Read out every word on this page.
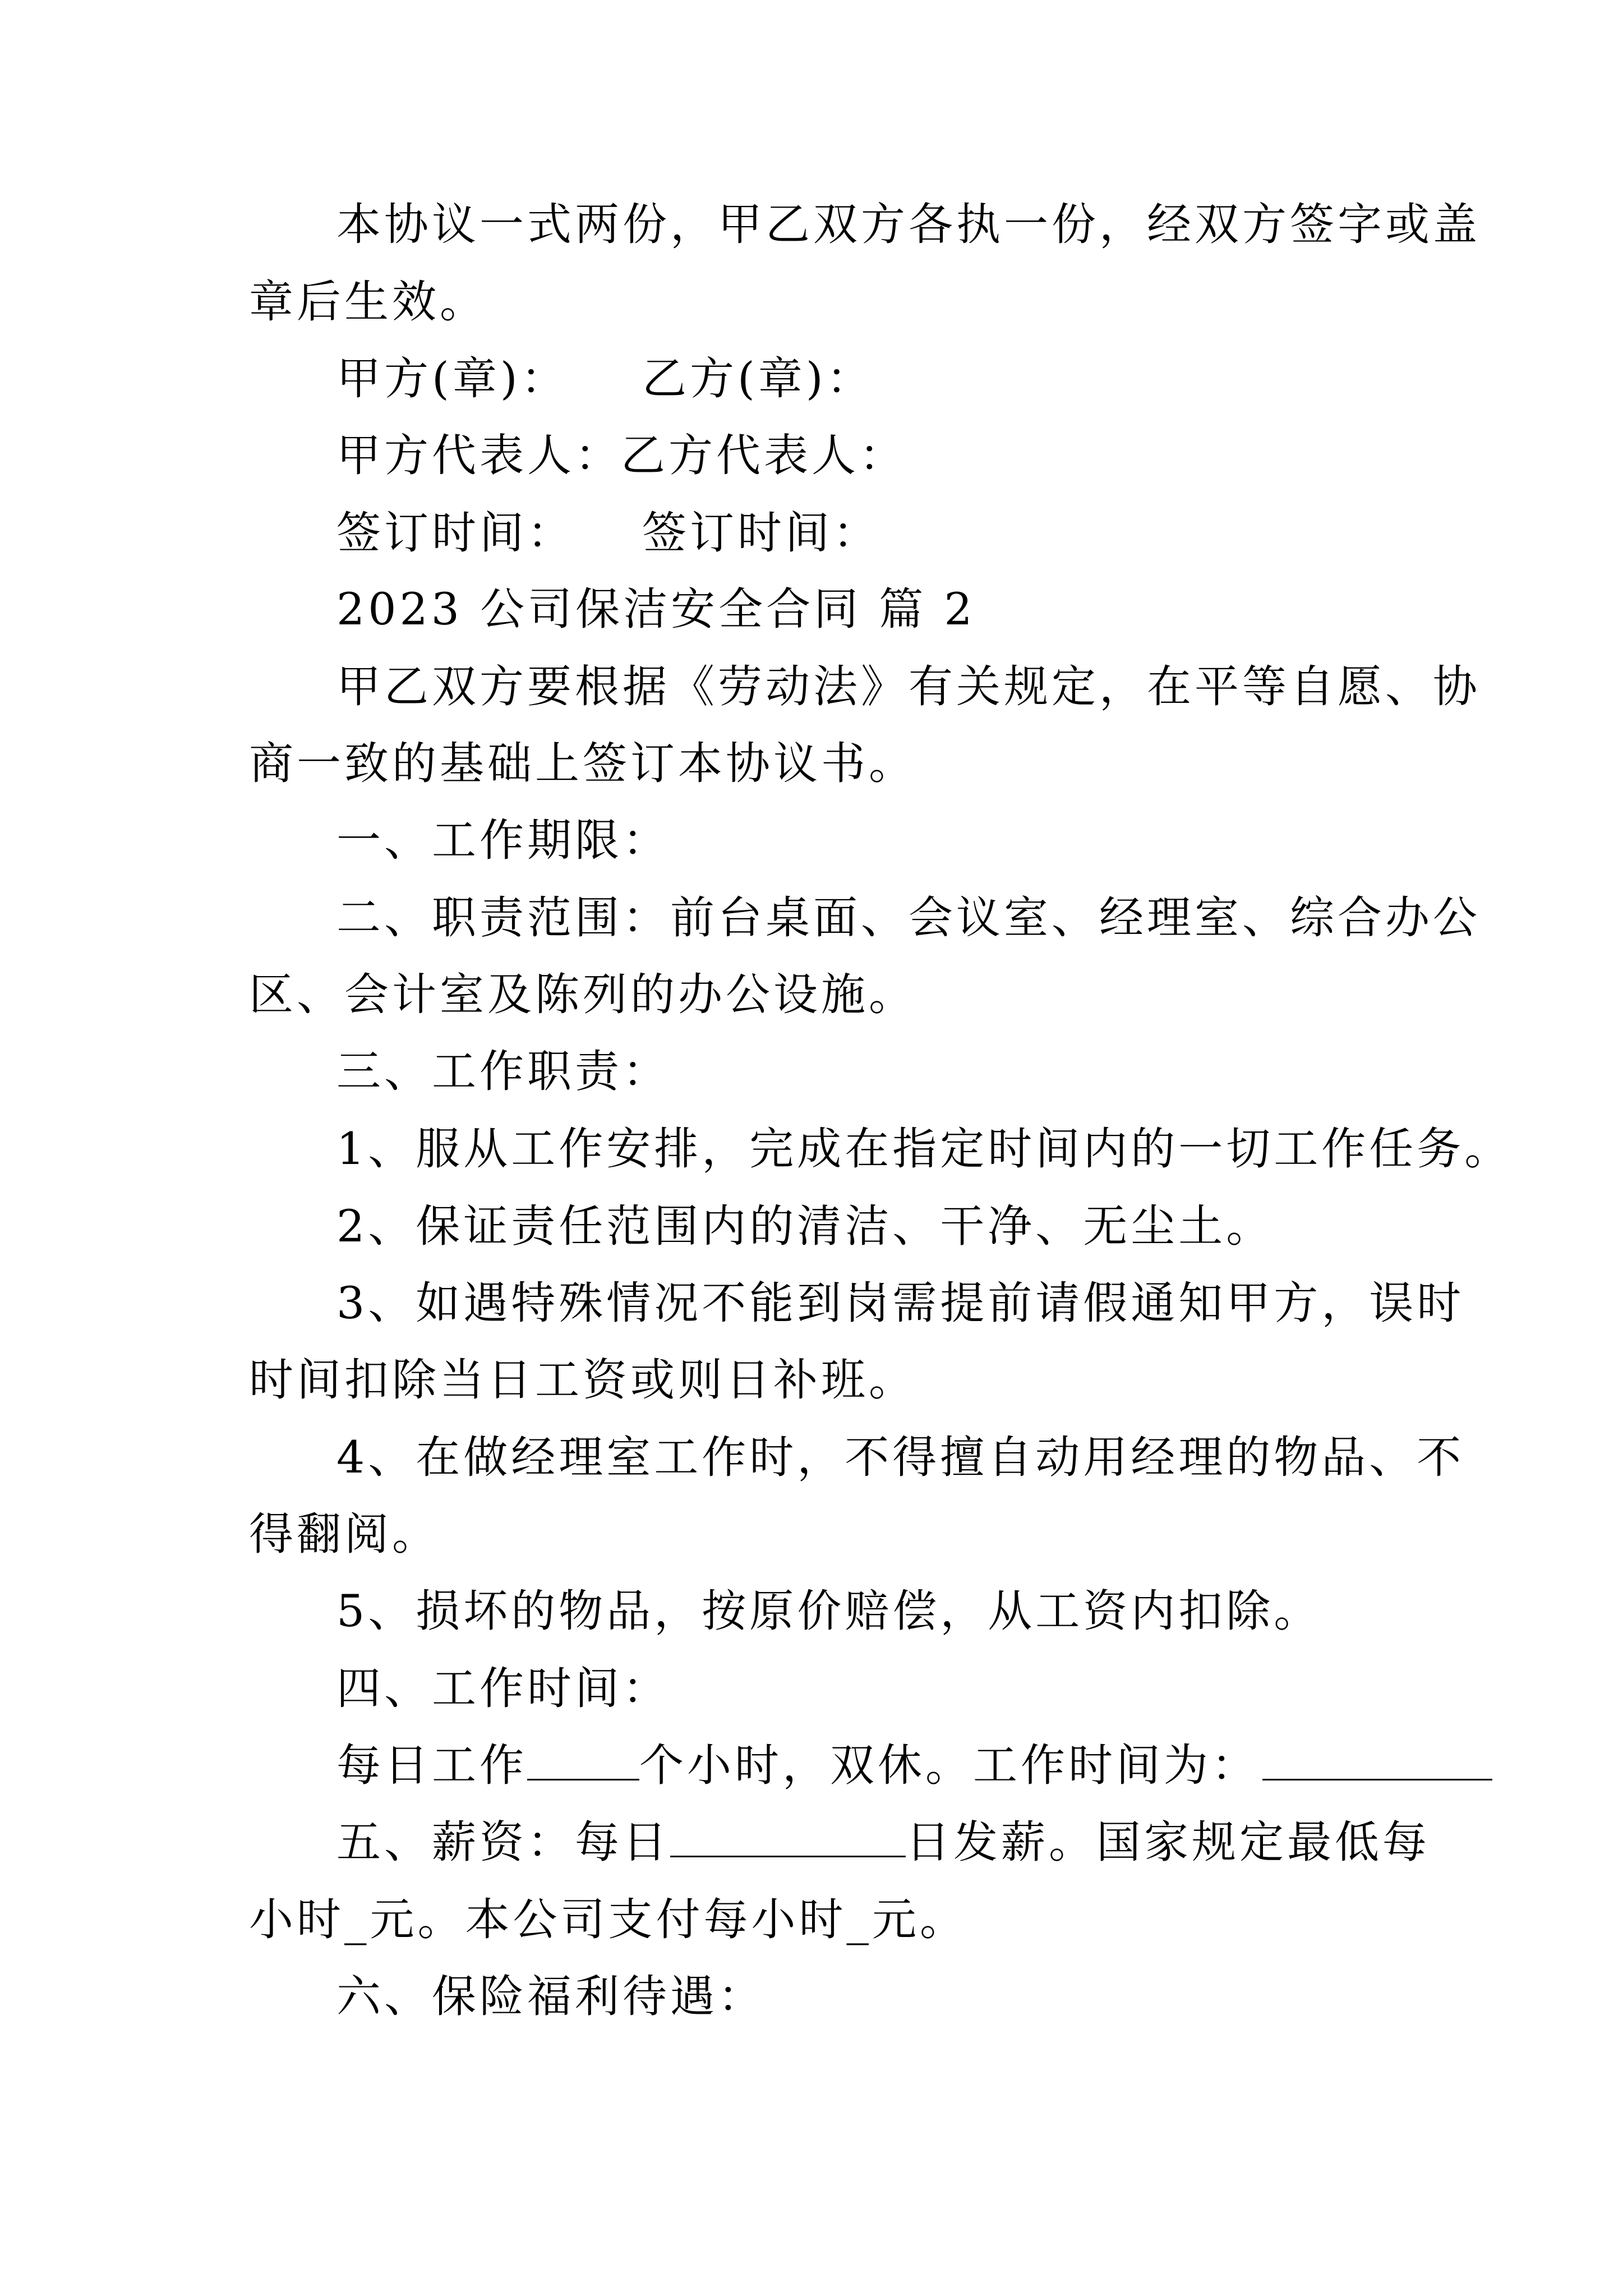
本协议一式两份，甲乙双方各执一份，经双方签字或盖
章后生效。
甲方(章)： 乙方(章)：
甲方代表人：
乙方代表人：
签订时间： 签订时间：
2023 公司保洁安全合同 篇 2
甲乙双方要根据《劳动法》有关规定，在平等自愿、协
商一致的基础上签订本协议书。
一、工作期限：
二、职责范围：前台桌面、会议室、经理室、综合办公
区、会计室及陈列的办公设施。
三、工作职责：
1、服从工作安排，完成在指定时间内的一切工作任务。
2、保证责任范围内的清洁、干净、无尘土。
3、如遇特殊情况不能到岗需提前请假通知甲方，误时
时间扣除当日工资或则日补班。
4、在做经理室工作时，不得擅自动用经理的物品、不
得翻阅。
5、损坏的物品，按原价赔偿，从工资内扣除。
四、工作时间：
每日工作	个小时，双休。工作时间为：
五、薪资：每日	日发薪。国家规定最低每
小时_元。本公司支付每小时_元。
六、保险福利待遇：
